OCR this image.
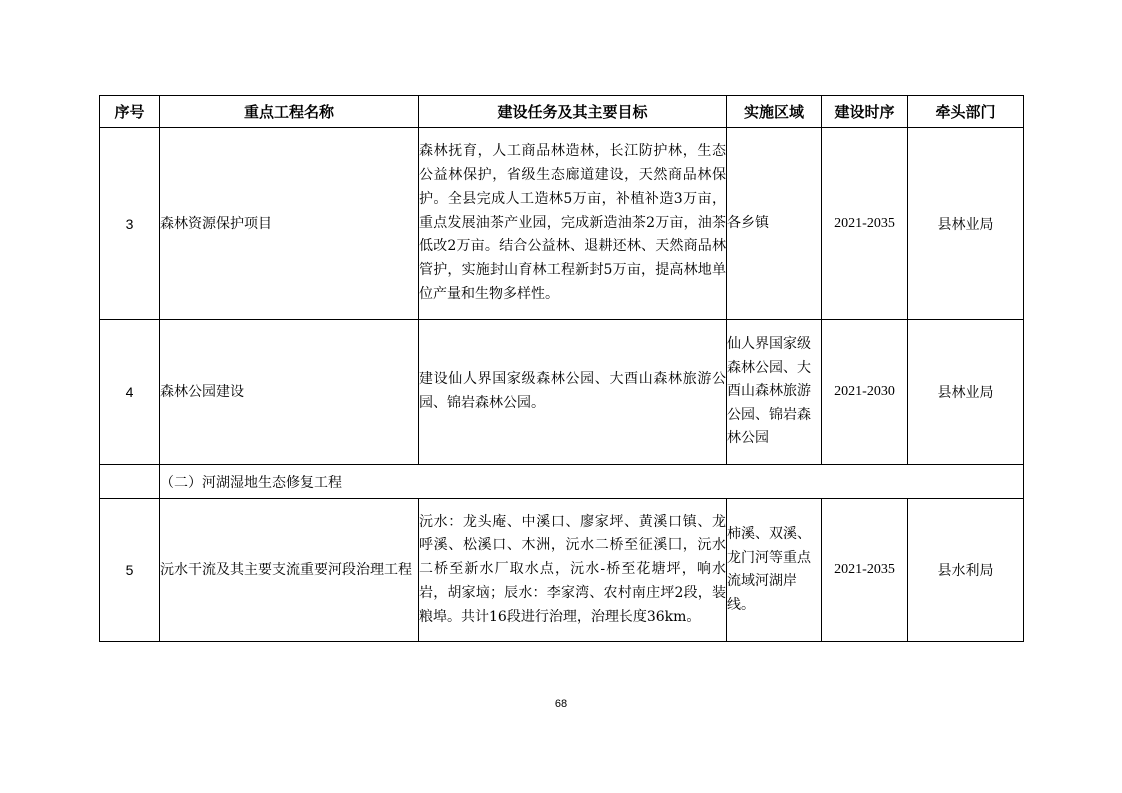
序号	重点工程名称	建设任务及其主要目标	实施区域	建设时序	牵头部门
3	森林资源保护项目	森林抚育，人工商品林造林，长江防护林，生态公益林保护，省级生态廊道建设，天然商品林保护。全县完成人工造林5万亩，补植补造3万亩，重点发展油茶产业园，完成新造油茶2万亩，油茶低改2万亩。结合公益林、退耕还林、天然商品林管护，实施封山育林工程新封5万亩，提高林地单位产量和生物多样性。	各乡镇	2021-2035	县林业局
4	森林公园建设	建设仙人界国家级森林公园、大酉山森林旅游公园、锦岩森林公园。	仙人界国家级森林公园、大酉山森林旅游公园、锦岩森林公园	2021-2030	县林业局
	（二）河湖湿地生态修复工程				
5	沅水干流及其主要支流重要河段治理工程	沅水：龙头庵、中溪口、廖家坪、黄溪口镇、龙呼溪、松溪口、木洲，沅水二桥至征溪囗，沅水二桥至新水厂取水点，沅水-桥至花塘坪，响水岩，胡家垴；辰水：李家湾、农村南庄坪2段，装粮埠。共计16段进行治理，治理长度36km。	柿溪、双溪、龙门河等重点流域河湖岸线。	2021-2035	县水利局
68
